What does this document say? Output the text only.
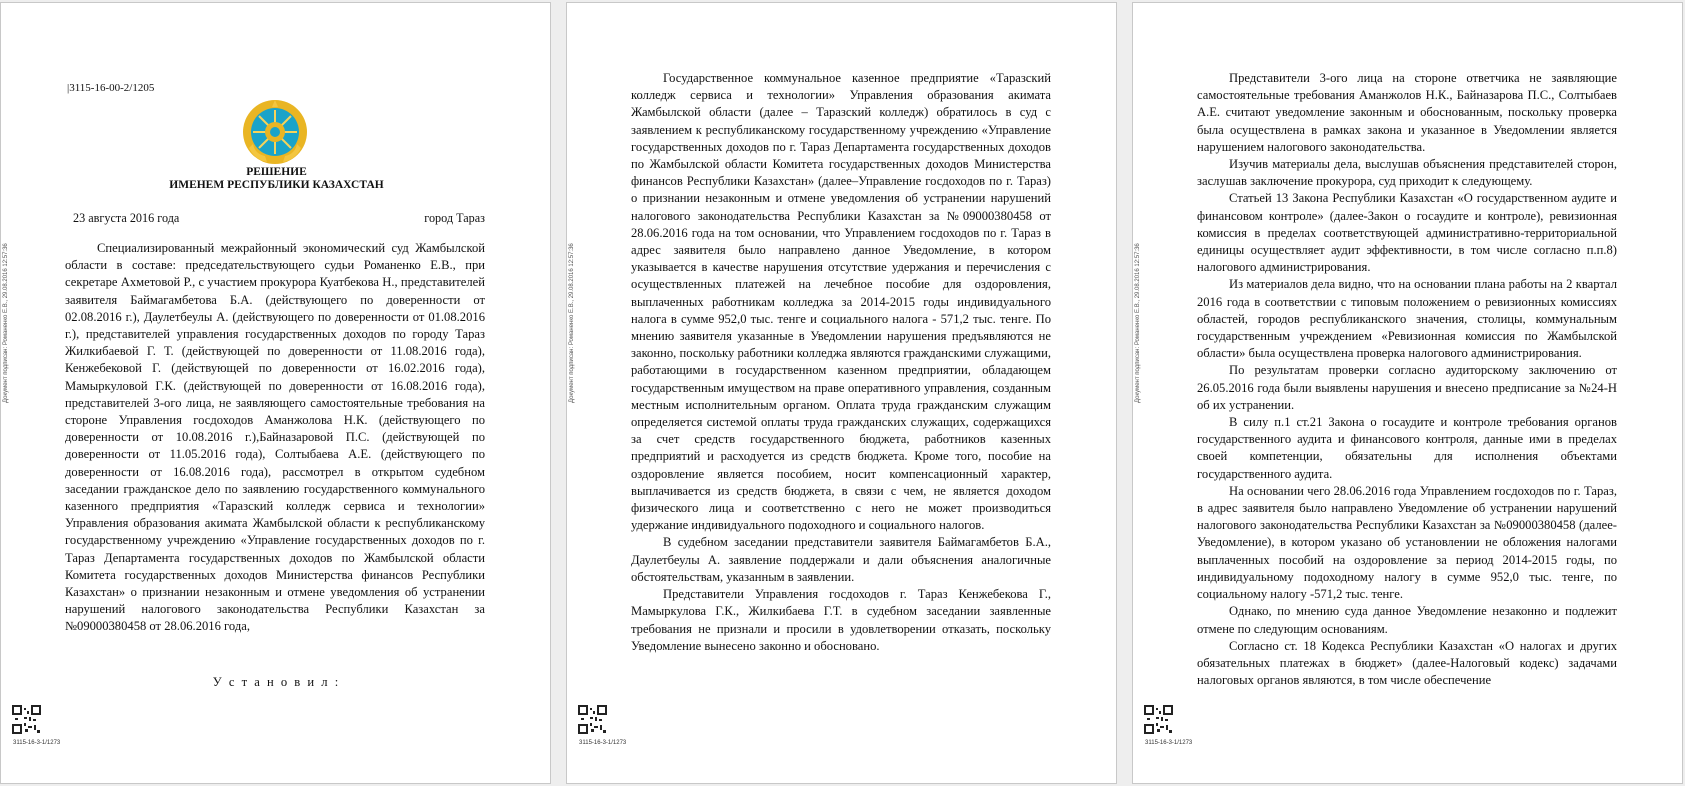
Документ подписан: Романенко Е.В., 29.08.2016 12:57:36
|3115-16-00-2/1205
РЕШЕНИЕ
ИМЕНЕМ РЕСПУБЛИКИ КАЗАХСТАН
23 августа 2016 года	город Тараз

Специализированный межрайонный экономический суд Жамбылской области в составе: председательствующего судьи Романенко Е.В., при секретаре Ахметовой Р., с участием прокурора Куатбекова Н., представителей заявителя Баймагамбетова Б.А. (действующего по доверенности от 02.08.2016 г.), Даулетбеулы А. (действующего по доверенности от 01.08.2016 г.), представителей управления государственных доходов по городу Тараз Жилкибаевой Г. Т. (действующей по доверенности от 11.08.2016 года), Кенжебековой Г. (действующей по доверенности от 16.02.2016 года), Мамыркуловой Г.К. (действующей по доверенности от 16.08.2016 года), представителей 3-ого лица, не заявляющего самостоятельные требования на стороне Управления госдоходов Аманжолова Н.К. (действующего по доверенности от 10.08.2016 г.),Байназаровой П.С. (действующей по доверенности от 11.05.2016 года), Солтыбаева А.Е. (действующего по доверенности от 16.08.2016 года), рассмотрел в открытом судебном заседании гражданское дело по заявлению государственного коммунального казенного предприятия «Таразский колледж сервиса и технологии» Управления образования акимата Жамбылской области к республиканскому государственному учреждению «Управление государственных доходов по г. Тараз Департамента государственных доходов по Жамбылской области Комитета государственных доходов Министерства финансов Республики Казахстан» о признании незаконным и отмене уведомления об устранении нарушений налогового законодательства Республики Казахстан за №09000380458 от 28.06.2016 года,

У с т а н о в и л :
3115-16-3-1/1273
Документ подписан: Романенко Е.В., 29.08.2016 12:57:36

Государственное коммунальное казенное предприятие «Таразский колледж сервиса и технологии» Управления образования акимата Жамбылской области (далее – Таразский колледж) обратилось в суд с заявлением к республиканскому государственному учреждению «Управление государственных доходов по г. Тараз Департамента государственных доходов по Жамбылской области Комитета государственных доходов Министерства финансов Республики Казахстан» (далее–Управление госдоходов по г. Тараз) о признании незаконным и отмене уведомления об устранении нарушений налогового законодательства Республики Казахстан за №09000380458 от 28.06.2016 года на том основании, что Управлением госдоходов по г. Тараз в адрес заявителя было направлено данное Уведомление, в котором указывается в качестве нарушения отсутствие удержания и перечисления с осуществленных платежей на лечебное пособие для оздоровления, выплаченных работникам колледжа за 2014-2015 годы индивидуального налога в сумме 952,0 тыс. тенге и социального налога - 571,2 тыс. тенге. По мнению заявителя указанные в Уведомлении нарушения предъявляются не законно, поскольку работники колледжа являются гражданскими служащими, работающими в государственном казенном предприятии, обладающем государственным имуществом на праве оперативного управления, созданным местным исполнительным органом. Оплата труда гражданским служащим определяется системой оплаты труда гражданских служащих, содержащихся за счет средств государственного бюджета, работников казенных предприятий и расходуется из средств бюджета. Кроме того, пособие на оздоровление является пособием, носит компенсационный характер, выплачивается из средств бюджета, в связи с чем, не является доходом физического лица и соответственно с него не может производиться удержание индивидуального подоходного и социального налогов.

В судебном заседании представители заявителя Баймагамбетов Б.А., Даулетбеулы А. заявление поддержали и дали объяснения аналогичные обстоятельствам, указанным в заявлении.

Представители Управления госдоходов г. Тараз Кенжебекова Г., Мамыркулова Г.К., Жилкибаева Г.Т. в судебном заседании заявленные требования не признали и просили в удовлетворении отказать, поскольку Уведомление вынесено законно и обосновано.

3115-16-3-1/1273
Документ подписан: Романенко Е.В., 29.08.2016 12:57:36

Представители 3-ого лица на стороне ответчика не заявляющие самостоятельные требования Аманжолов Н.К., Байназарова П.С., Солтыбаев А.Е. считают уведомление законным и обоснованным, поскольку проверка была осуществлена в рамках закона и указанное в Уведомлении является нарушением налогового законодательства.

Изучив материалы дела, выслушав объяснения представителей сторон, заслушав заключение прокурора, суд приходит к следующему.

Статьей 13 Закона Республики Казахстан «О государственном аудите и финансовом контроле» (далее-Закон о госаудите и контроле), ревизионная комиссия в пределах соответствующей административно-территориальной единицы осуществляет аудит эффективности, в том числе согласно п.п.8) налогового администрирования.

Из материалов дела видно, что на основании плана работы на 2 квартал 2016 года в соответствии с типовым положением о ревизионных комиссиях областей, городов республиканского значения, столицы, коммунальным государственным учреждением «Ревизионная комиссия по Жамбылской области» была осуществлена проверка налогового администрирования.

По результатам проверки согласно аудиторскому заключению от 26.05.2016 года были выявлены нарушения и внесено предписание за №24-Н об их устранении.

В силу п.1 ст.21 Закона о госаудите и контроле требования органов государственного аудита и финансового контроля, данные ими в пределах своей компетенции, обязательны для исполнения объектами государственного аудита.

На основании чего 28.06.2016 года Управлением госдоходов по г. Тараз, в адрес заявителя было направлено Уведомление об устранении нарушений налогового законодательства Республики Казахстан за №09000380458 (далее-Уведомление), в котором указано об установлении не обложения налогами выплаченных пособий на оздоровление за период 2014-2015 годы, по индивидуальному подоходному налогу в сумме 952,0 тыс. тенге, по социальному налогу -571,2 тыс. тенге.

Однако, по мнению суда данное Уведомление незаконно и подлежит отмене по следующим основаниям.

Согласно ст. 18 Кодекса Республики Казахстан «О налогах и других обязательных платежах в бюджет» (далее-Налоговый кодекс) задачами налоговых органов являются, в том числе обеспечение

3115-16-3-1/1273
